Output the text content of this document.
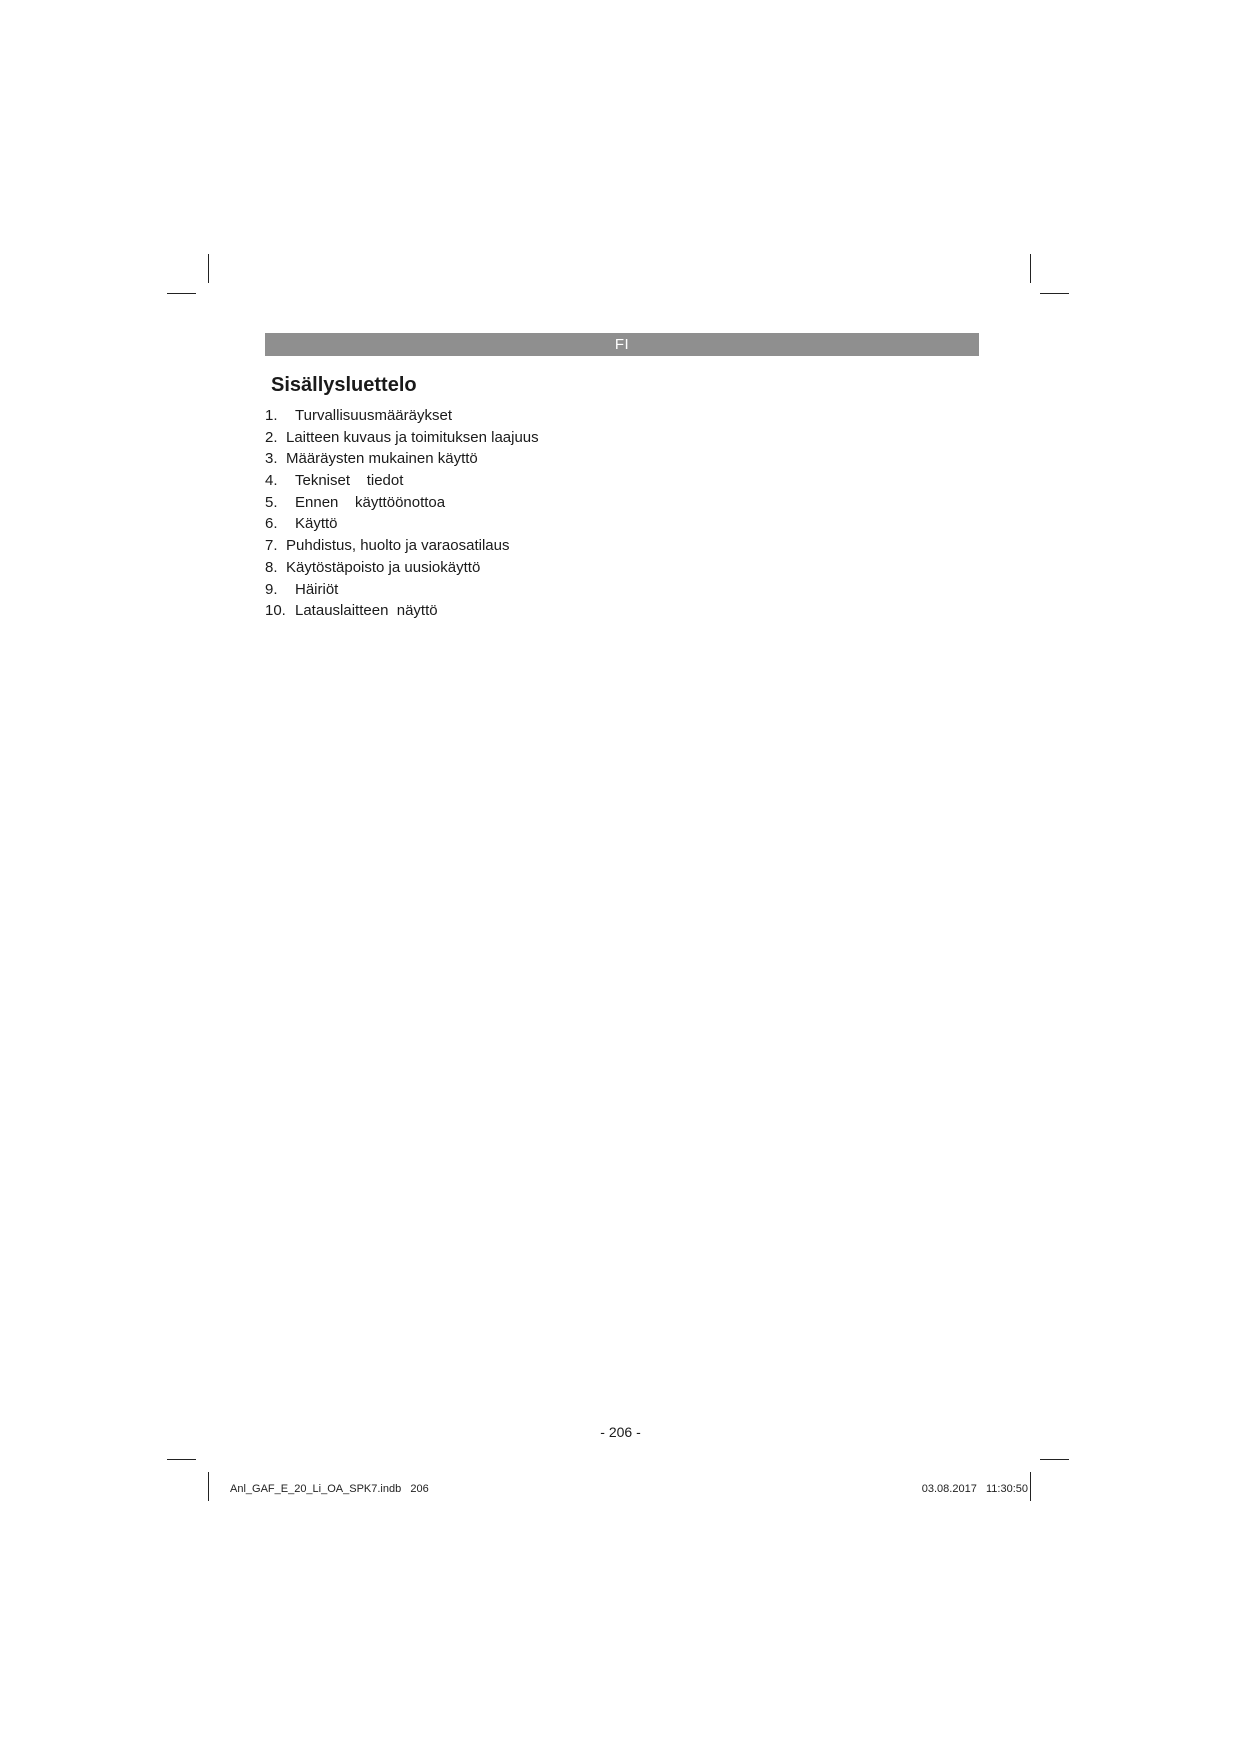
FI
Sisällysluettelo
1. Turvallisuusmääräykset
2. Laitteen kuvaus ja toimituksen laajuus
3. Määräysten mukainen käyttö
4. Tekniset    tiedot
5. Ennen    käyttöönottoa
6. Käyttö
7. Puhdistus, huolto ja varaosatilaus
8. Käytöstäpoisto ja uusiokäyttö
9. Häiriöt
10. Latauslaitteen  näyttö
- 206 -
Anl_GAF_E_20_Li_OA_SPK7.indb   206	03.08.2017   11:30:50
